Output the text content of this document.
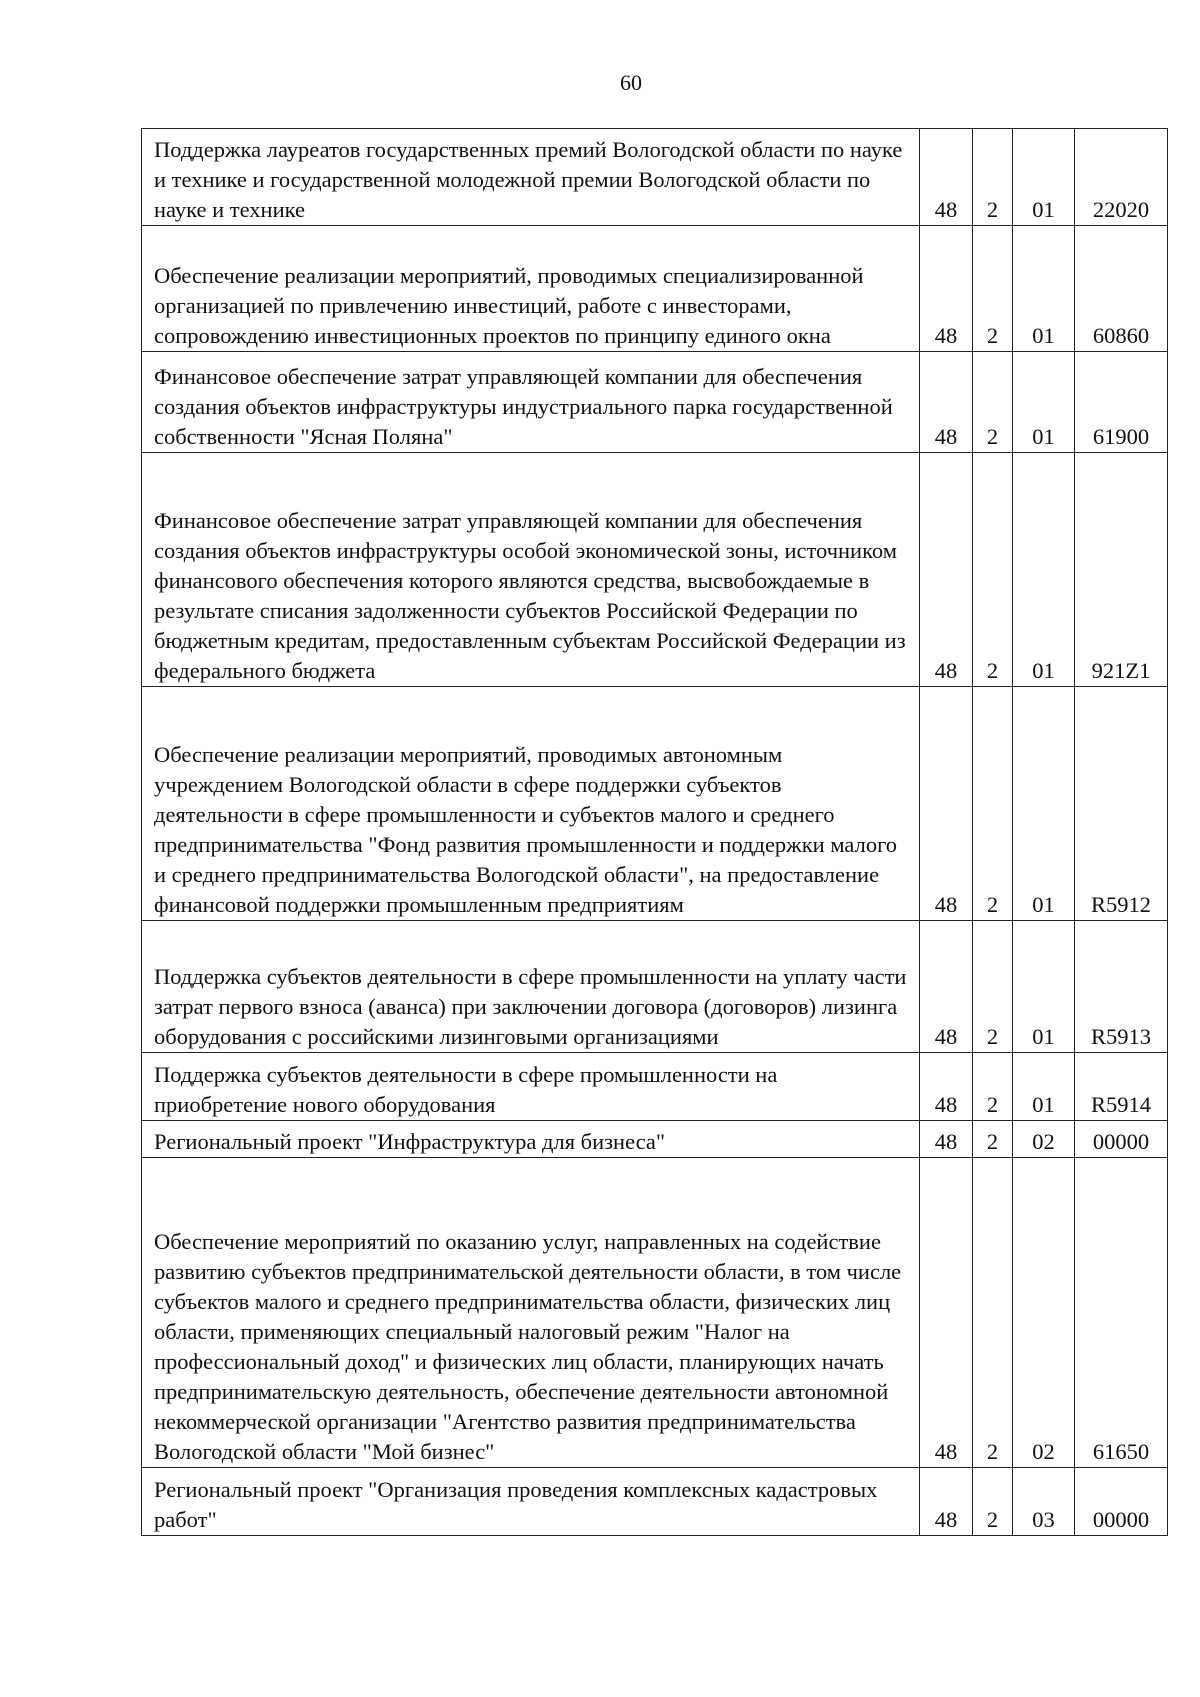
60
Поддержка лауреатов государственных премий Вологодской области по науке и технике и государственной молодежной премии Вологодской области по науке и технике	48	2	01	22020
Обеспечение реализации мероприятий, проводимых специализированной организацией по привлечению инвестиций, работе с инвесторами, сопровождению инвестиционных проектов по принципу единого окна	48	2	01	60860
Финансовое обеспечение затрат управляющей компании для обеспечения создания объектов инфраструктуры индустриального парка государственной собственности "Ясная Поляна"	48	2	01	61900
Финансовое обеспечение затрат управляющей компании для обеспечения создания объектов инфраструктуры особой экономической зоны, источником финансового обеспечения которого являются средства, высвобождаемые в результате списания задолженности субъектов Российской Федерации по бюджетным кредитам, предоставленным субъектам Российской Федерации из федерального бюджета	48	2	01	921Z1
Обеспечение реализации мероприятий, проводимых автономным учреждением Вологодской области в сфере поддержки субъектов деятельности в сфере промышленности и субъектов малого и среднего предпринимательства "Фонд развития промышленности и поддержки малого и среднего предпринимательства Вологодской области", на предоставление финансовой поддержки промышленным предприятиям	48	2	01	R5912
Поддержка субъектов деятельности в сфере промышленности на уплату части затрат первого взноса (аванса) при заключении договора (договоров) лизинга оборудования с российскими лизинговыми организациями	48	2	01	R5913
Поддержка субъектов деятельности в сфере промышленности на приобретение нового оборудования	48	2	01	R5914
Региональный проект "Инфраструктура для бизнеса"	48	2	02	00000
Обеспечение мероприятий по оказанию услуг, направленных на содействие развитию субъектов предпринимательской деятельности области, в том числе субъектов малого и среднего предпринимательства области, физических лиц области, применяющих специальный налоговый режим "Налог на профессиональный доход" и физических лиц области, планирующих начать предпринимательскую деятельность, обеспечение деятельности автономной некоммерческой организации "Агентство развития предпринимательства Вологодской области "Мой бизнес"	48	2	02	61650
Региональный проект "Организация проведения комплексных кадастровых работ"	48	2	03	00000
